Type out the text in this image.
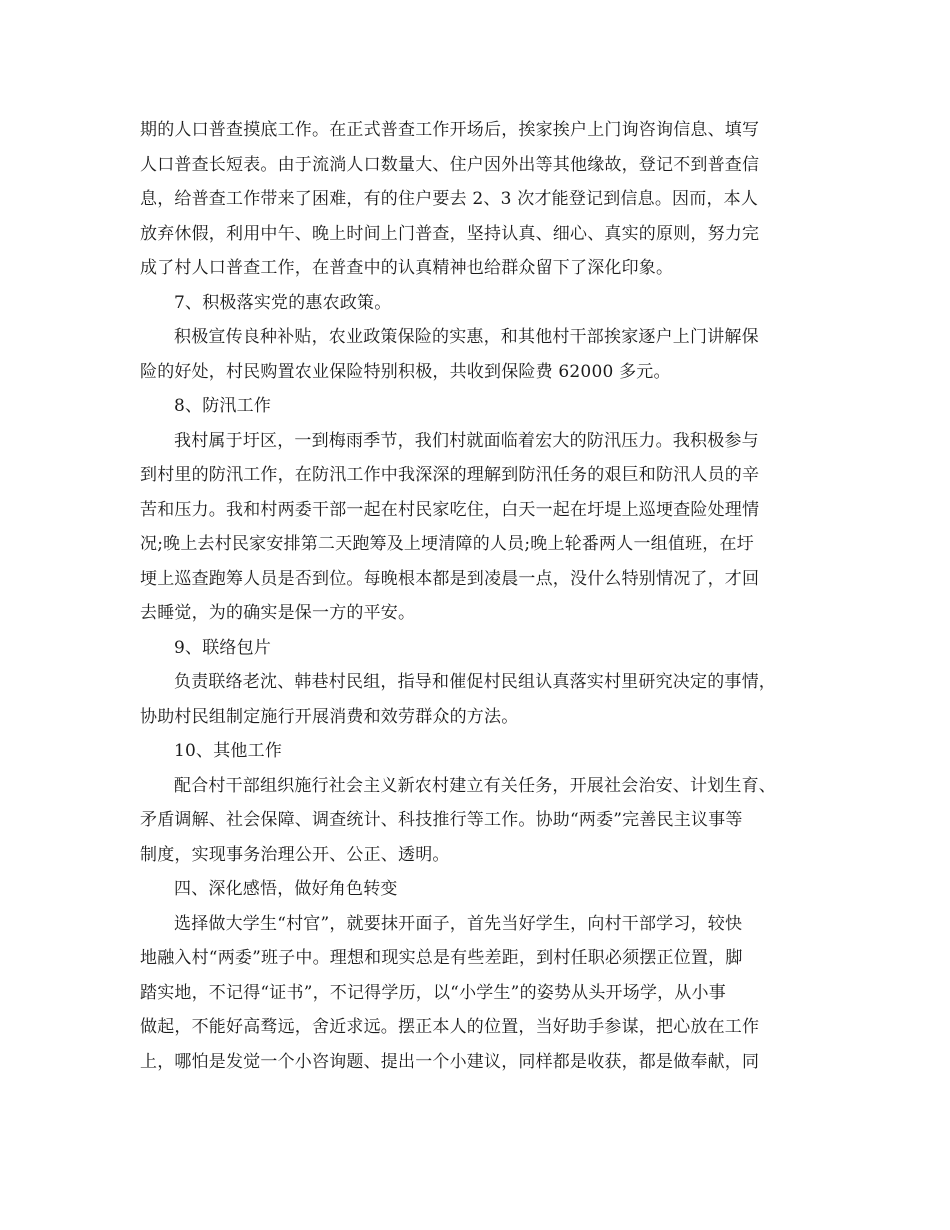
期的人口普查摸底工作。在正式普查工作开场后，挨家挨户上门询咨询信息、填写
人口普查长短表。由于流淌人口数量大、住户因外出等其他缘故，登记不到普查信
息，给普查工作带来了困难，有的住户要去 2、3 次才能登记到信息。因而，本人
放弃休假，利用中午、晚上时间上门普查，坚持认真、细心、真实的原则，努力完
成了村人口普查工作，在普查中的认真精神也给群众留下了深化印象。
7、积极落实党的惠农政策。
积极宣传良种补贴，农业政策保险的实惠，和其他村干部挨家逐户上门讲解保
险的好处，村民购置农业保险特别积极，共收到保险费 62000 多元。
8、防汛工作
我村属于圩区，一到梅雨季节，我们村就面临着宏大的防汛压力。我积极参与
到村里的防汛工作，在防汛工作中我深深的理解到防汛任务的艰巨和防汛人员的辛
苦和压力。我和村两委干部一起在村民家吃住，白天一起在圩堤上巡埂查险处理情
况;晚上去村民家安排第二天跑筹及上埂清障的人员;晚上轮番两人一组值班，在圩
埂上巡查跑筹人员是否到位。每晚根本都是到凌晨一点，没什么特别情况了，才回
去睡觉，为的确实是保一方的平安。
9、联络包片
负责联络老沈、韩巷村民组，指导和催促村民组认真落实村里研究决定的事情，
协助村民组制定施行开展消费和效劳群众的方法。
10、其他工作
配合村干部组织施行社会主义新农村建立有关任务，开展社会治安、计划生育、
矛盾调解、社会保障、调查统计、科技推行等工作。协助“两委”完善民主议事等
制度，实现事务治理公开、公正、透明。
四、深化感悟，做好角色转变
选择做大学生“村官”，就要抹开面子，首先当好学生，向村干部学习，较快
地融入村“两委”班子中。理想和现实总是有些差距，到村任职必须摆正位置，脚
踏实地，不记得“证书”，不记得学历，以“小学生”的姿势从头开场学，从小事
做起，不能好高骛远，舍近求远。摆正本人的位置，当好助手参谋，把心放在工作
上，哪怕是发觉一个小咨询题、提出一个小建议，同样都是收获，都是做奉献，同
